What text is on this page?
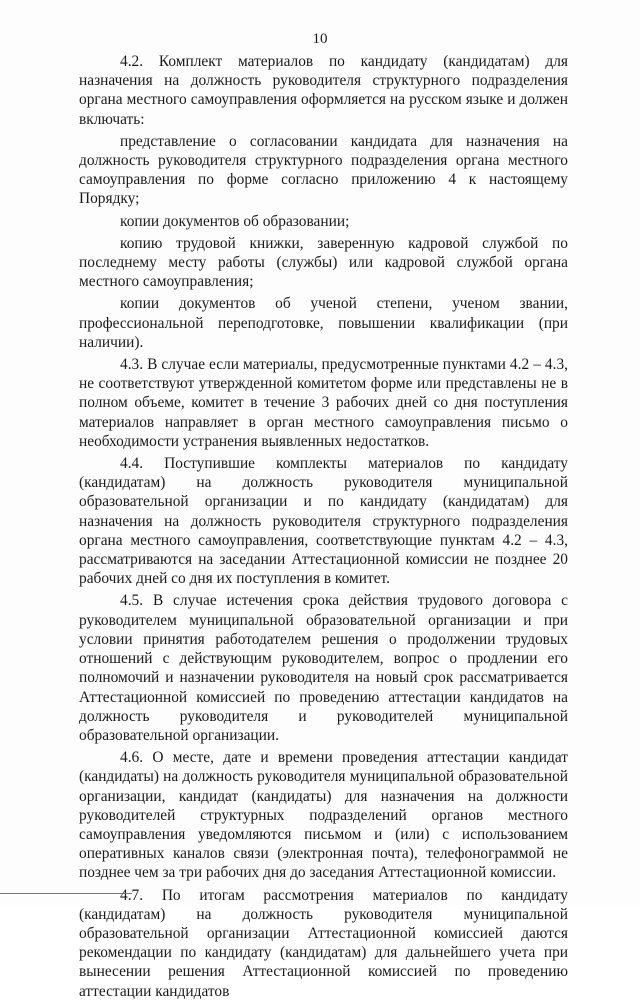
10

4.2. Комплект материалов по кандидату (кандидатам) для назначения на должность руководителя структурного подразделения органа местного самоуправления оформляется на русском языке и должен включать:

представление о согласовании кандидата для назначения на должность руководителя структурного подразделения органа местного самоуправления по форме согласно приложению 4 к настоящему Порядку;

копии документов об образовании;

копию трудовой книжки, заверенную кадровой службой по последнему месту работы (службы) или кадровой службой органа местного самоуправления;

копии документов об ученой степени, ученом звании, профессиональной переподготовке, повышении квалификации (при наличии).

4.3. В случае если материалы, предусмотренные пунктами 4.2 – 4.3, не соответствуют утвержденной комитетом форме или представлены не в полном объеме, комитет в течение 3 рабочих дней со дня поступления материалов направляет в орган местного самоуправления письмо о необходимости устранения выявленных недостатков.

4.4. Поступившие комплекты материалов по кандидату (кандидатам) на должность руководителя муниципальной образовательной организации и по кандидату (кандидатам) для назначения на должность руководителя структурного подразделения органа местного самоуправления, соответствующие пунктам 4.2 – 4.3, рассматриваются на заседании Аттестационной комиссии не позднее 20 рабочих дней со дня их поступления в комитет.

4.5. В случае истечения срока действия трудового договора с руководителем муниципальной образовательной организации и при условии принятия работодателем решения о продолжении трудовых отношений с действующим руководителем, вопрос о продлении его полномочий и назначении руководителя на новый срок рассматривается Аттестационной комиссией по проведению аттестации кандидатов на должность руководителя и руководителей муниципальной образовательной организации.

4.6. О месте, дате и времени проведения аттестации кандидат (кандидаты) на должность руководителя муниципальной образовательной организации, кандидат (кандидаты) для назначения на должности руководителей структурных подразделений органов местного самоуправления уведомляются письмом и (или) с использованием оперативных каналов связи (электронная почта), телефонограммой не позднее чем за три рабочих дня до заседания Аттестационной комиссии.

4.7. По итогам рассмотрения материалов по кандидату (кандидатам) на должность руководителя муниципальной образовательной организации Аттестационной комиссией даются рекомендации по кандидату (кандидатам) для дальнейшего учета при вынесении решения Аттестационной комиссией по проведению аттестации кандидатов
